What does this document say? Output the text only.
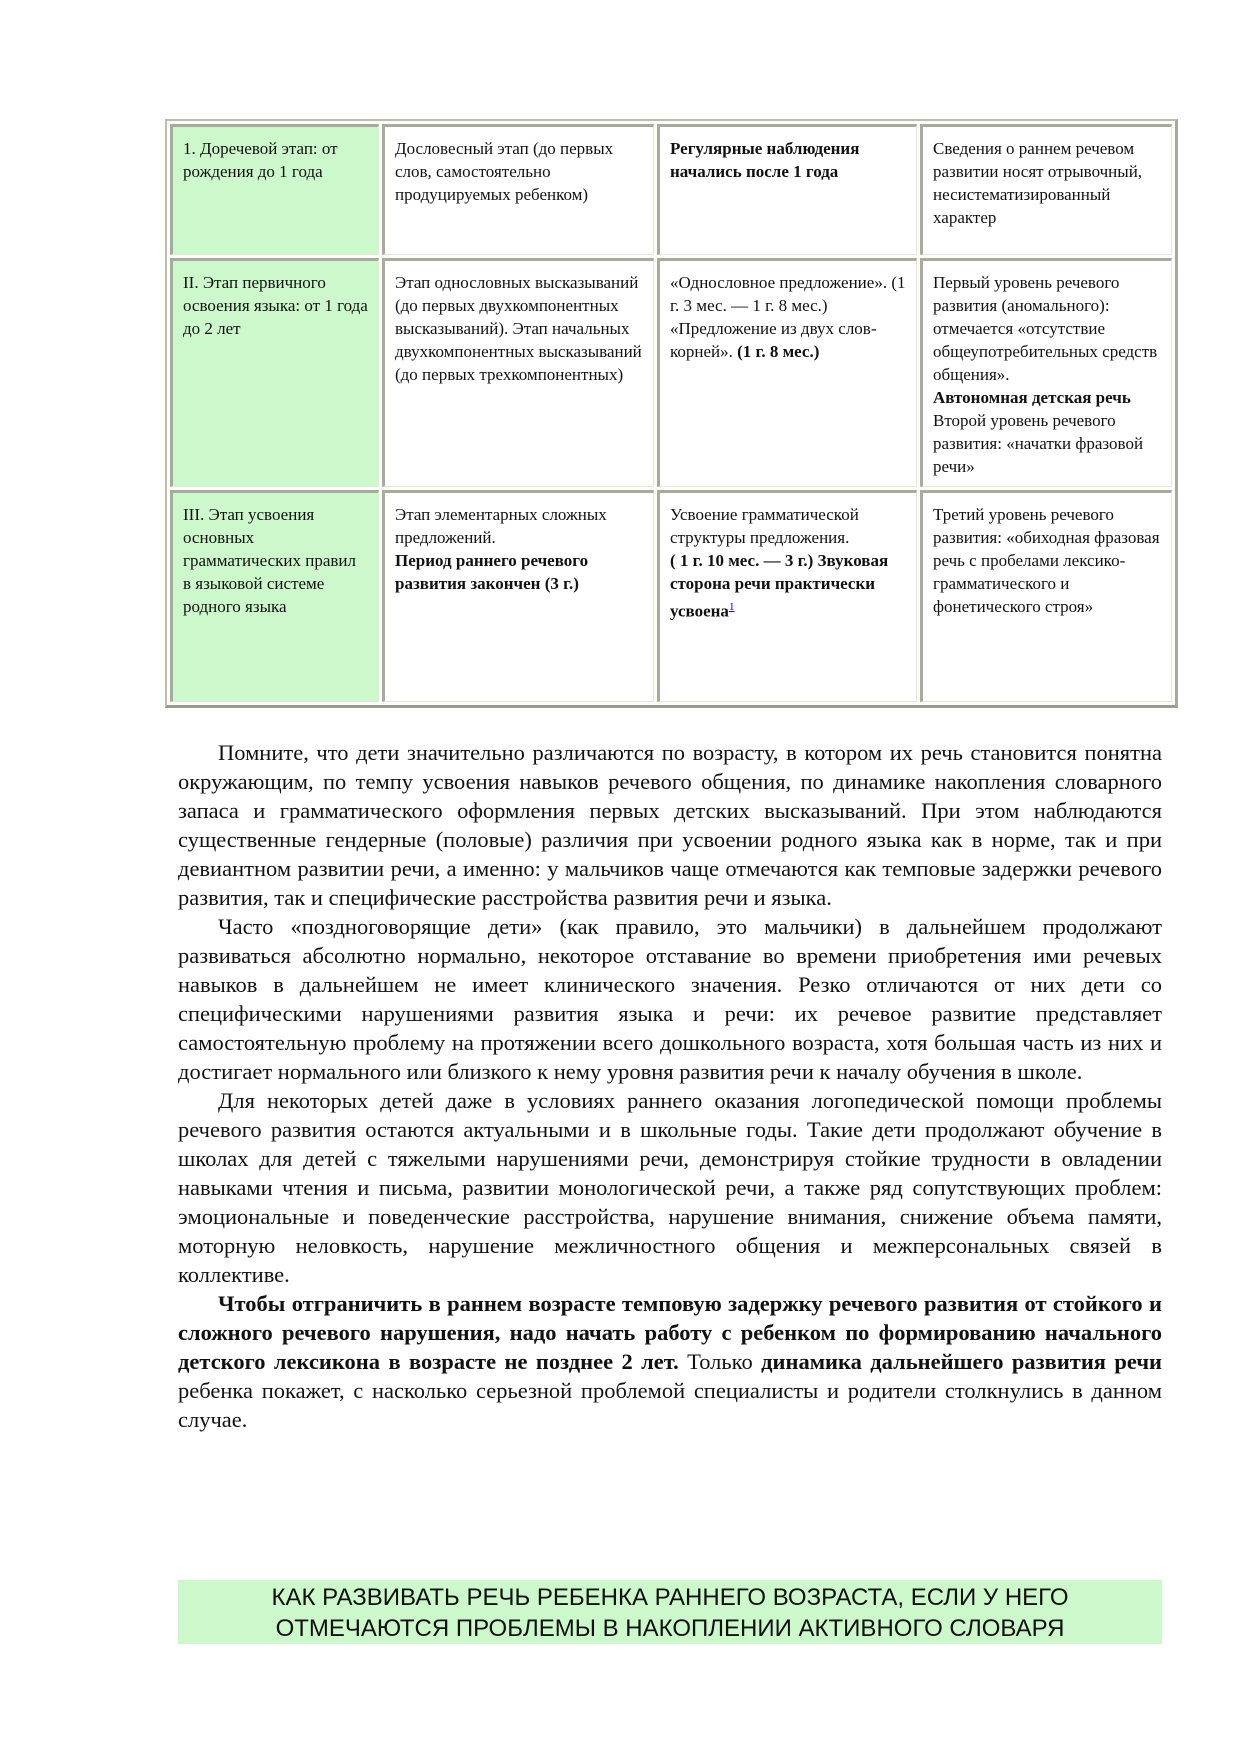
1. Доречевой этап: от рождения до 1 года	Дословесный этап (до первых слов, самостоятельно продуцируемых ребенком)	Регулярные наблюдения начались после 1 года	Сведения о раннем речевом развитии носят отрывочный, несистематизированный характер
II. Этап первичного освоения языка: от 1 года до 2 лет	Этап однословных высказываний (до первых двухкомпонентных высказываний). Этап начальных двухкомпонентных высказываний (до первых трехкомпонентных)	«Однословное предложение». (1 г. 3 мес. — 1 г. 8 мес.) «Предложение из двух слов-корней». (1 г. 8 мес.)	Первый уровень речевого развития (аномального): отмечается «отсутствие общеупотребительных средств общения».
Автономная детская речь
Второй уровень речевого развития: «начатки фразовой речи»
III. Этап усвоения основных грамматических правил в языковой системе родного языка	Этап элементарных сложных предложений.
Период раннего речевого развития закончен (3 г.)	Усвоение грамматической структуры предложения.
( 1 г. 10 мес. — 3 г.) Звуковая сторона речи практически усвоена$^1$	Третий уровень речевого развития: «обиходная фразовая речь с пробелами лексико-грамматического и фонетического строя»

Помните, что дети значительно различаются по возрасту, в котором их речь становится понятна окружающим, по темпу усвоения навыков речевого общения, по динамике накопления словарного запаса и грамматического оформления первых детских высказываний. При этом наблюдаются существенные гендерные (половые) различия при усвоении родного языка как в норме, так и при девиантном развитии речи, а именно: у мальчиков чаще отмечаются как темповые задержки речевого развития, так и специфические расстройства развития речи и языка.

Часто «поздноговорящие дети» (как правило, это мальчики) в дальнейшем продолжают развиваться абсолютно нормально, некоторое отставание во времени приобретения ими речевых навыков в дальнейшем не имеет клинического значения. Резко отличаются от них дети со специфическими нарушениями развития языка и речи: их речевое развитие представляет самостоятельную проблему на протяжении всего дошкольного возраста, хотя большая часть из них и достигает нормального или близкого к нему уровня развития речи к началу обучения в школе.

Для некоторых детей даже в условиях раннего оказания логопедической помощи проблемы речевого развития остаются актуальными и в школьные годы. Такие дети продолжают обучение в школах для детей с тяжелыми нарушениями речи, демонстрируя стойкие трудности в овладении навыками чтения и письма, развитии монологической речи, а также ряд сопутствующих проблем: эмоциональные и поведенческие расстройства, нарушение внимания, снижение объема памяти, моторную неловкость, нарушение межличностного общения и межперсональных связей в коллективе.

Чтобы отграничить в раннем возрасте темповую задержку речевого развития от стойкого и сложного речевого нарушения, надо начать работу с ребенком по формированию начального детского лексикона в возрасте не позднее 2 лет. Только динамика дальнейшего развития речи ребенка покажет, с насколько серьезной проблемой специалисты и родители столкнулись в данном случае.

КАК РАЗВИВАТЬ РЕЧЬ РЕБЕНКА РАННЕГО ВОЗРАСТА, ЕСЛИ У НЕГО
ОТМЕЧАЮТСЯ ПРОБЛЕМЫ В НАКОПЛЕНИИ АКТИВНОГО СЛОВАРЯ
